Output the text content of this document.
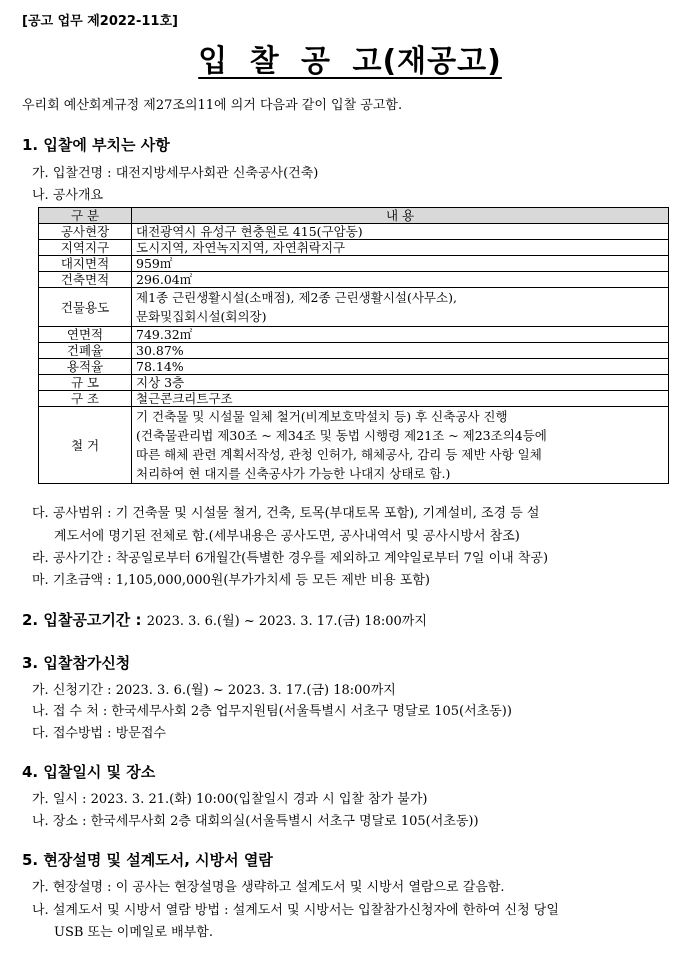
[공고 업무 제2022-11호]
입 찰 공 고(재공고)
우리회 예산회계규정 제27조의11에 의거 다음과 같이 입찰 공고함.
1. 입찰에 부치는 사항
가. 입찰건명 : 대전지방세무사회관 신축공사(건축)
나. 공사개요
구 분	내 용
공사현장	대전광역시 유성구 현충원로 415(구암동)
지역지구	도시지역, 자연녹지지역, 자연취락지구
대지면적	959㎡
건축면적	296.04㎡
건물용도	제1종 근린생활시설(소매점), 제2종 근린생활시설(사무소),
문화및집회시설(회의장)

연면적	749.32㎡
건폐율	30.87%
용적율	78.14%
규 모	지상 3층
구 조	철근콘크리트구조
철 거	기 건축물 및 시설물 일체 철거(비계보호막설치 등) 후 신축공사 진행
(건축물관리법 제30조 ~ 제34조 및 동법 시행령 제21조 ~ 제23조의4등에
따른 해체 관련 계획서작성, 관청 인허가, 해체공사, 감리 등 제반 사항 일체
처리하여 현 대지를 신축공사가 가능한 나대지 상태로 함.)
다. 공사범위 : 기 건축물 및 시설물 철거, 건축, 토목(부대토목 포함), 기계설비, 조경 등 설
계도서에 명기된 전체로 함.(세부내용은 공사도면, 공사내역서 및 공사시방서 참조)
라. 공사기간 : 착공일로부터 6개월간(특별한 경우를 제외하고 계약일로부터 7일 이내 착공)
마. 기초금액 : 1,105,000,000원(부가가치세 등 모든 제반 비용 포함)
2. 입찰공고기간 : 2023. 3. 6.(월) ~ 2023. 3. 17.(금) 18:00까지
3. 입찰참가신청
가. 신청기간 : 2023. 3. 6.(월) ~ 2023. 3. 17.(금) 18:00까지
나. 접 수 처 : 한국세무사회 2층 업무지원팀(서울특별시 서초구 명달로 105(서초동))
다. 접수방법 : 방문접수
4. 입찰일시 및 장소
가. 일시 : 2023. 3. 21.(화) 10:00(입찰일시 경과 시 입찰 참가 불가)
나. 장소 : 한국세무사회 2층 대회의실(서울특별시 서초구 명달로 105(서초동))
5. 현장설명 및 설계도서, 시방서 열람
가. 현장설명 : 이 공사는 현장설명을 생략하고 설계도서 및 시방서 열람으로 갈음함.
나. 설계도서 및 시방서 열람 방법 : 설계도서 및 시방서는 입찰참가신청자에 한하여 신청 당일
USB 또는 이메일로 배부함.
